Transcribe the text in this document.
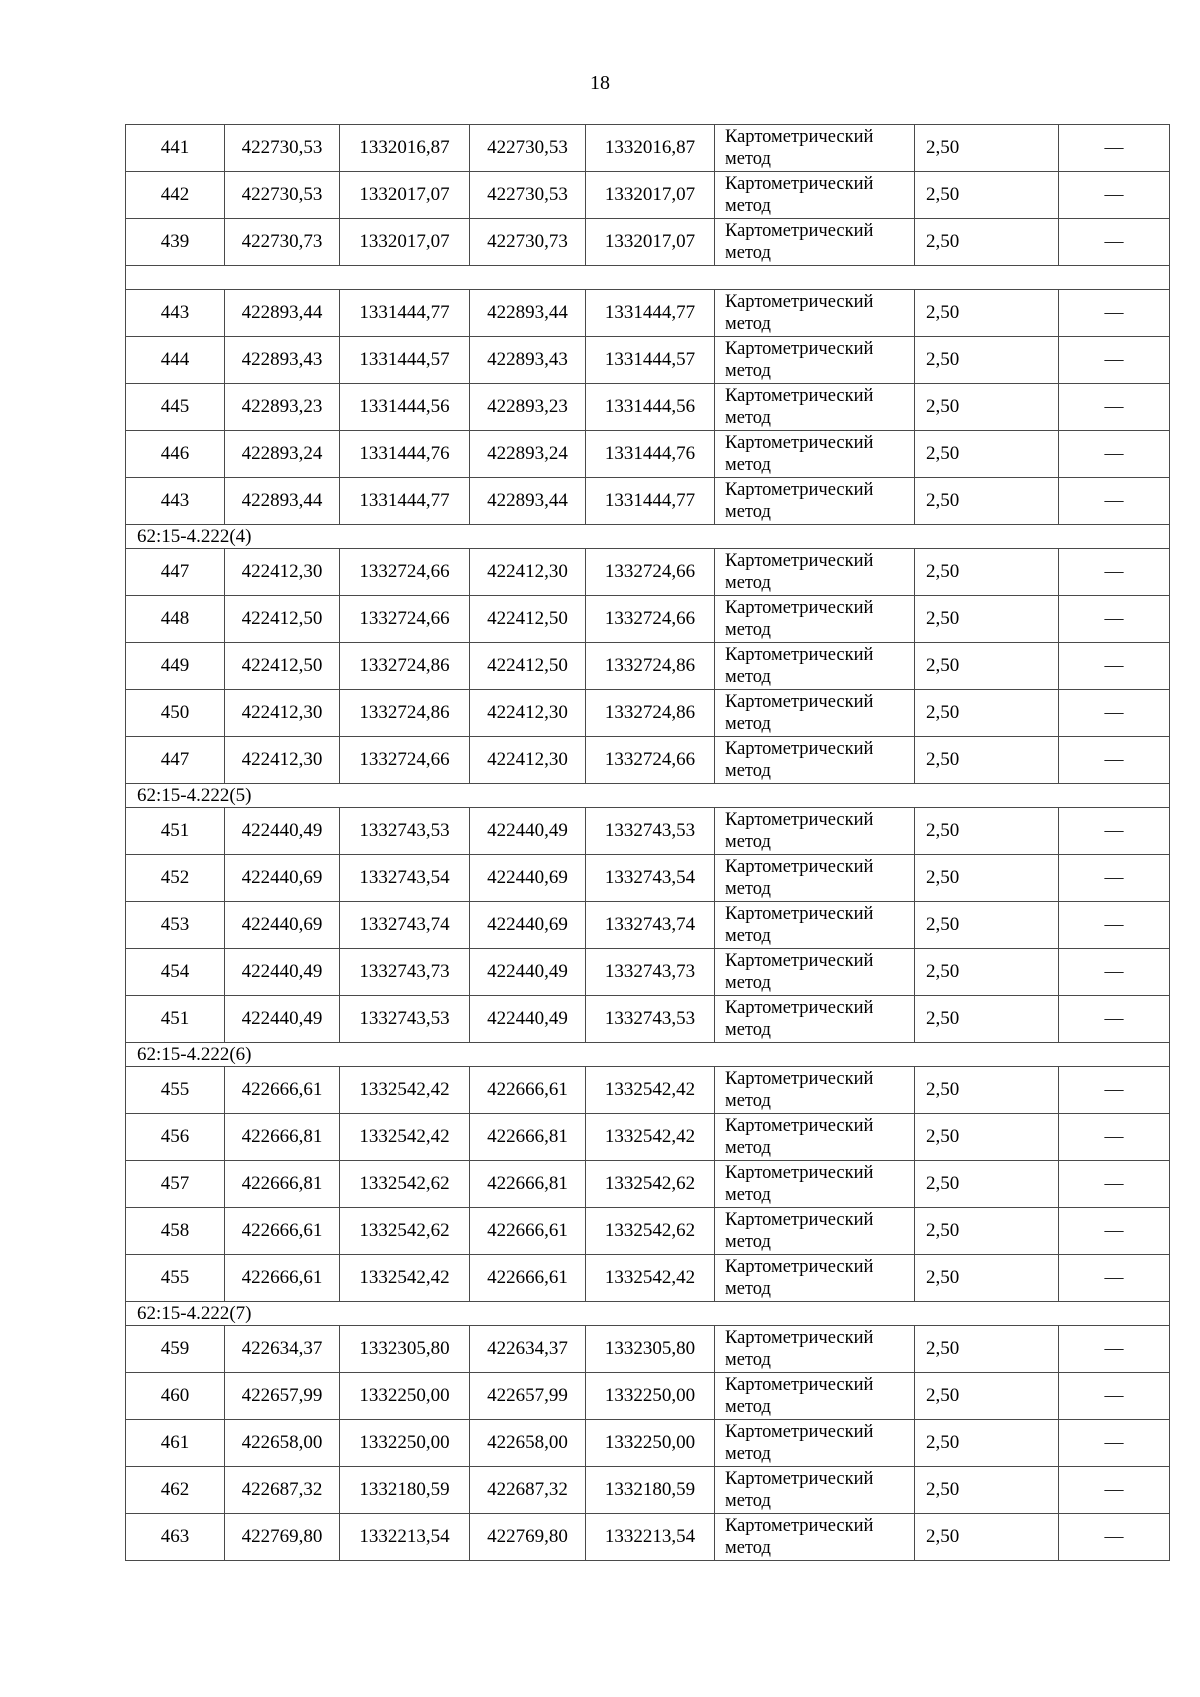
18
441	422730,53	1332016,87	422730,53	1332016,87	Картометрический
метод	2,50	—
442	422730,53	1332017,07	422730,53	1332017,07	Картометрический
метод	2,50	—
439	422730,73	1332017,07	422730,73	1332017,07	Картометрический
метод	2,50	—

443	422893,44	1331444,77	422893,44	1331444,77	Картометрический
метод	2,50	—
444	422893,43	1331444,57	422893,43	1331444,57	Картометрический
метод	2,50	—
445	422893,23	1331444,56	422893,23	1331444,56	Картометрический
метод	2,50	—
446	422893,24	1331444,76	422893,24	1331444,76	Картометрический
метод	2,50	—
443	422893,44	1331444,77	422893,44	1331444,77	Картометрический
метод	2,50	—
62:15-4.222(4)							
447	422412,30	1332724,66	422412,30	1332724,66	Картометрический
метод	2,50	—
448	422412,50	1332724,66	422412,50	1332724,66	Картометрический
метод	2,50	—
449	422412,50	1332724,86	422412,50	1332724,86	Картометрический
метод	2,50	—
450	422412,30	1332724,86	422412,30	1332724,86	Картометрический
метод	2,50	—
447	422412,30	1332724,66	422412,30	1332724,66	Картометрический
метод	2,50	—
62:15-4.222(5)							
451	422440,49	1332743,53	422440,49	1332743,53	Картометрический
метод	2,50	—
452	422440,69	1332743,54	422440,69	1332743,54	Картометрический
метод	2,50	—
453	422440,69	1332743,74	422440,69	1332743,74	Картометрический
метод	2,50	—
454	422440,49	1332743,73	422440,49	1332743,73	Картометрический
метод	2,50	—
451	422440,49	1332743,53	422440,49	1332743,53	Картометрический
метод	2,50	—
62:15-4.222(6)							
455	422666,61	1332542,42	422666,61	1332542,42	Картометрический
метод	2,50	—
456	422666,81	1332542,42	422666,81	1332542,42	Картометрический
метод	2,50	—
457	422666,81	1332542,62	422666,81	1332542,62	Картометрический
метод	2,50	—
458	422666,61	1332542,62	422666,61	1332542,62	Картометрический
метод	2,50	—
455	422666,61	1332542,42	422666,61	1332542,42	Картометрический
метод	2,50	—
62:15-4.222(7)							
459	422634,37	1332305,80	422634,37	1332305,80	Картометрический
метод	2,50	—
460	422657,99	1332250,00	422657,99	1332250,00	Картометрический
метод	2,50	—
461	422658,00	1332250,00	422658,00	1332250,00	Картометрический
метод	2,50	—
462	422687,32	1332180,59	422687,32	1332180,59	Картометрический
метод	2,50	—
463	422769,80	1332213,54	422769,80	1332213,54	Картометрический
метод	2,50	—
